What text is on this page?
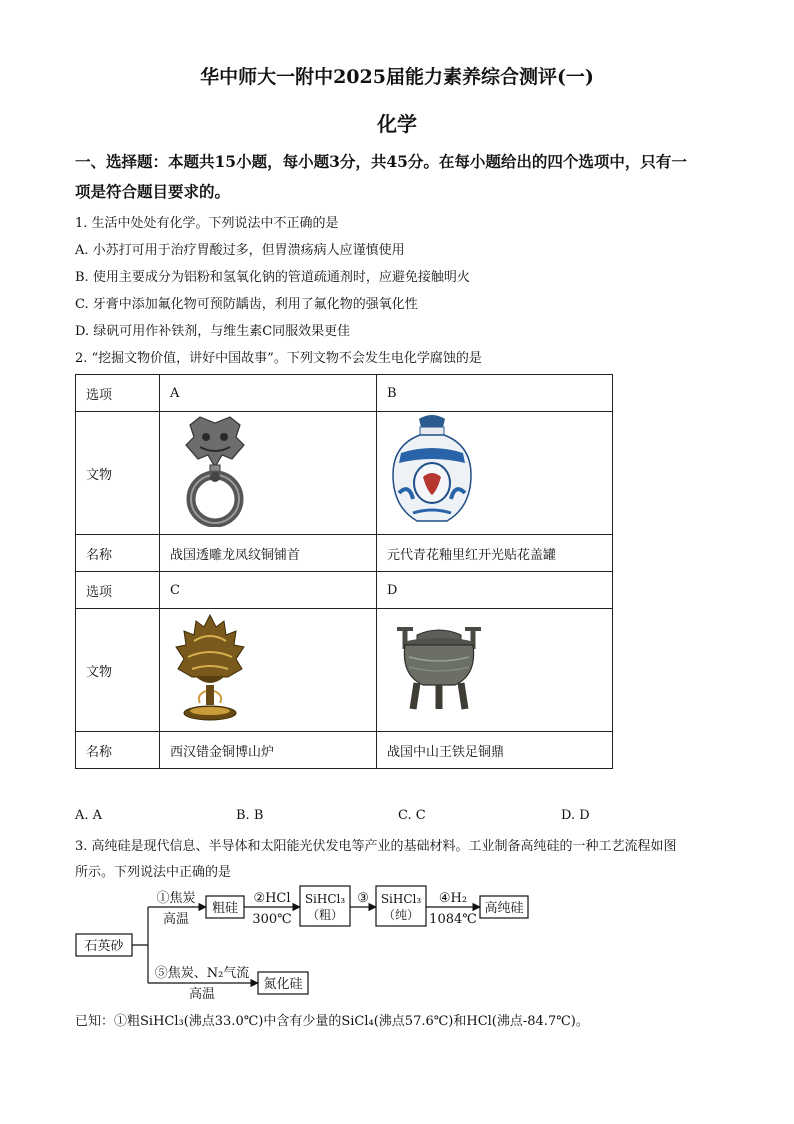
华中师大一附中2025届能力素养综合测评(一)
化学
一、选择题：本题共15小题，每小题3分，共45分。在每小题给出的四个选项中，只有一
项是符合题目要求的。
1. 生活中处处有化学。下列说法中不正确的是
A. 小苏打可用于治疗胃酸过多，但胃溃疡病人应谨慎使用
B. 使用主要成分为铝粉和氢氧化钠的管道疏通剂时，应避免接触明火
C. 牙膏中添加氟化物可预防龋齿，利用了氟化物的强氧化性
D. 绿矾可用作补铁剂，与维生素C同服效果更佳
2. “挖掘文物价值，讲好中国故事”。下列文物不会发生电化学腐蚀的是
选项	A	B
文物		
名称	战国透雕龙凤纹铜铺首	元代青花釉里红开光贴花盖罐
选项	C	D
文物		
名称	西汉错金铜博山炉	战国中山王铁足铜鼎
A. A	B. B	C. C	D. D
3. 高纯硅是现代信息、半导体和太阳能光伏发电等产业的基础材料。工业制备高纯硅的一种工艺流程如图
所示。下列说法中正确的是
石英砂
①焦炭
高温
粗硅
②HCl
300℃
SiHCl₃
（粗）
③ SiHCl₃
（纯）
④H₂
1084℃
高纯硅
⑤焦炭、N₂气流
高温
氮化硅
已知：①粗SiHCl₃(沸点33.0℃)中含有少量的SiCl₄(沸点57.6℃)和HCl(沸点-84.7℃)。
